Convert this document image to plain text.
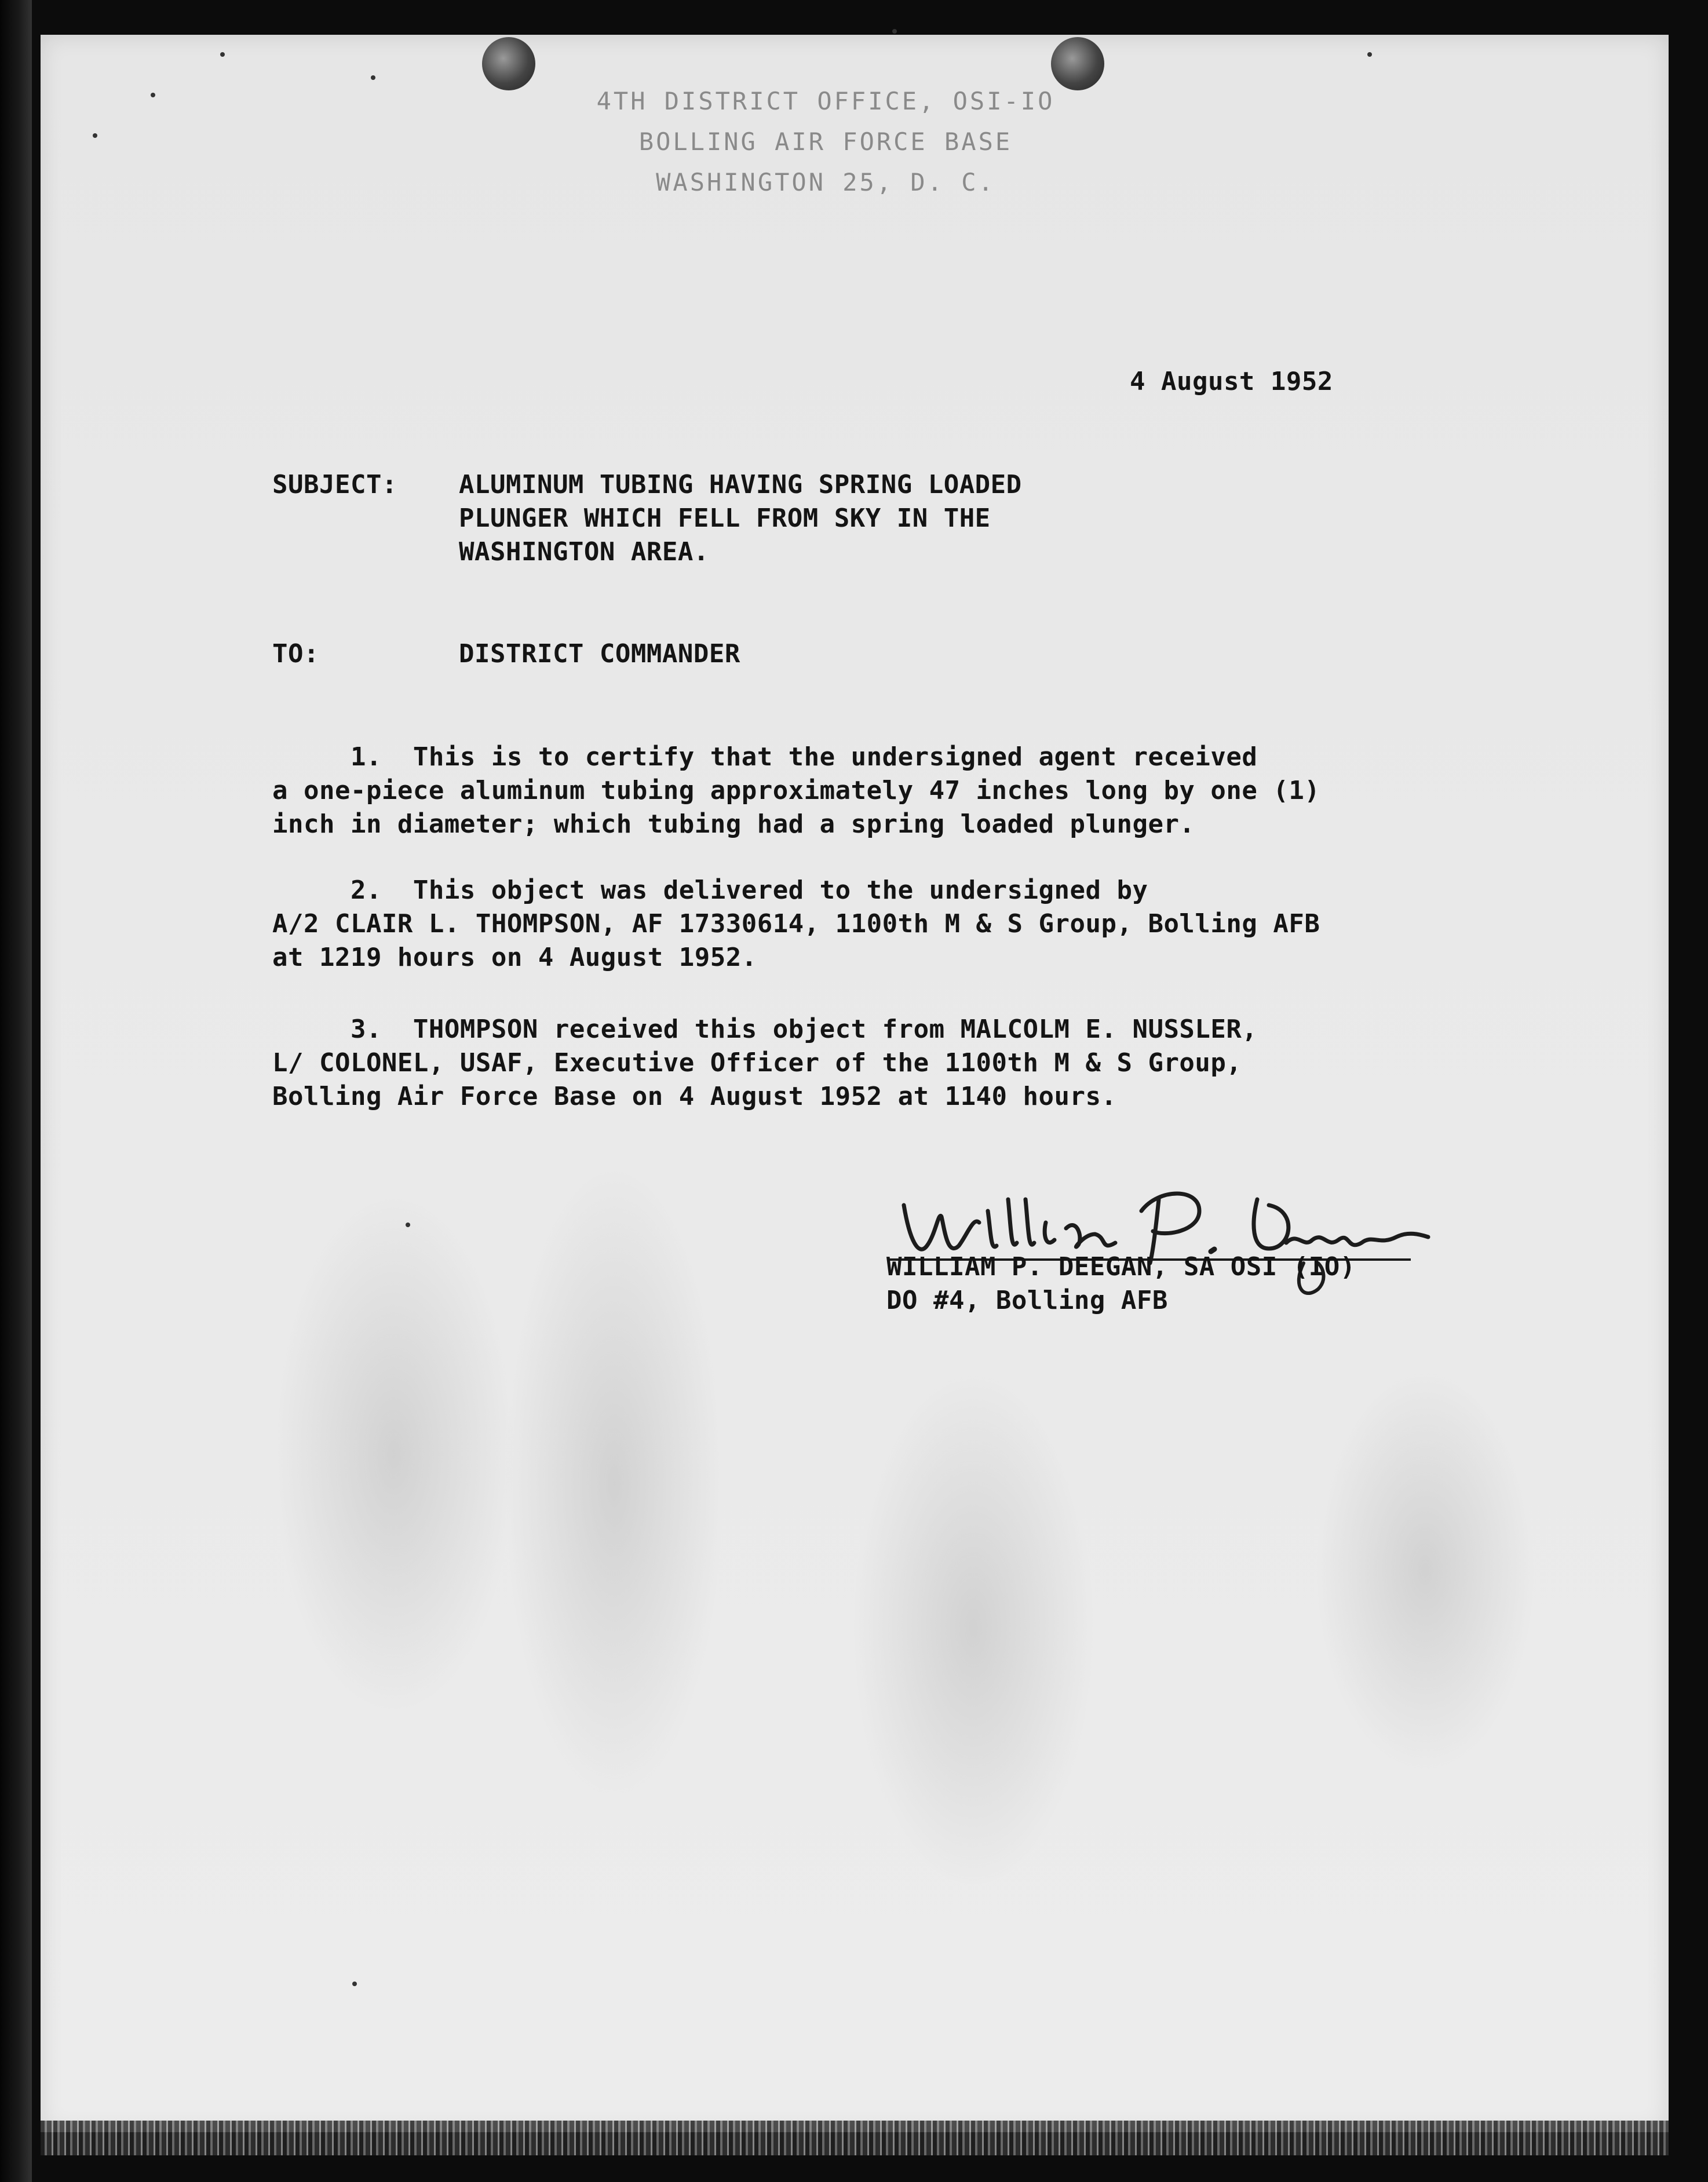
4TH DISTRICT OFFICE, OSI-IO

BOLLING AIR FORCE BASE

WASHINGTON 25, D. C.

4 August 1952

SUBJECT: ALUMINUM TUBING HAVING SPRING LOADED

PLUNGER WHICH FELL FROM SKY IN THE

WASHINGTON AREA.

TO:	DISTRICT COMMANDER

1.  This is to certify that the undersigned agent received

a one-piece aluminum tubing approximately 47 inches long by one (1)

inch in diameter; which tubing had a spring loaded plunger.

2.  This object was delivered to the undersigned by

A/2 CLAIR L. THOMPSON, AF 17330614, 1100th M & S Group, Bolling AFB

at 1219 hours on 4 August 1952.

3.  THOMPSON received this object from MALCOLM E. NUSSLER,

L/ COLONEL, USAF, Executive Officer of the 1100th M & S Group,

Bolling Air Force Base on 4 August 1952 at 1140 hours.

WILLIAM P. DEEGAN, SA OSI (IO)

DO #4, Bolling AFB
